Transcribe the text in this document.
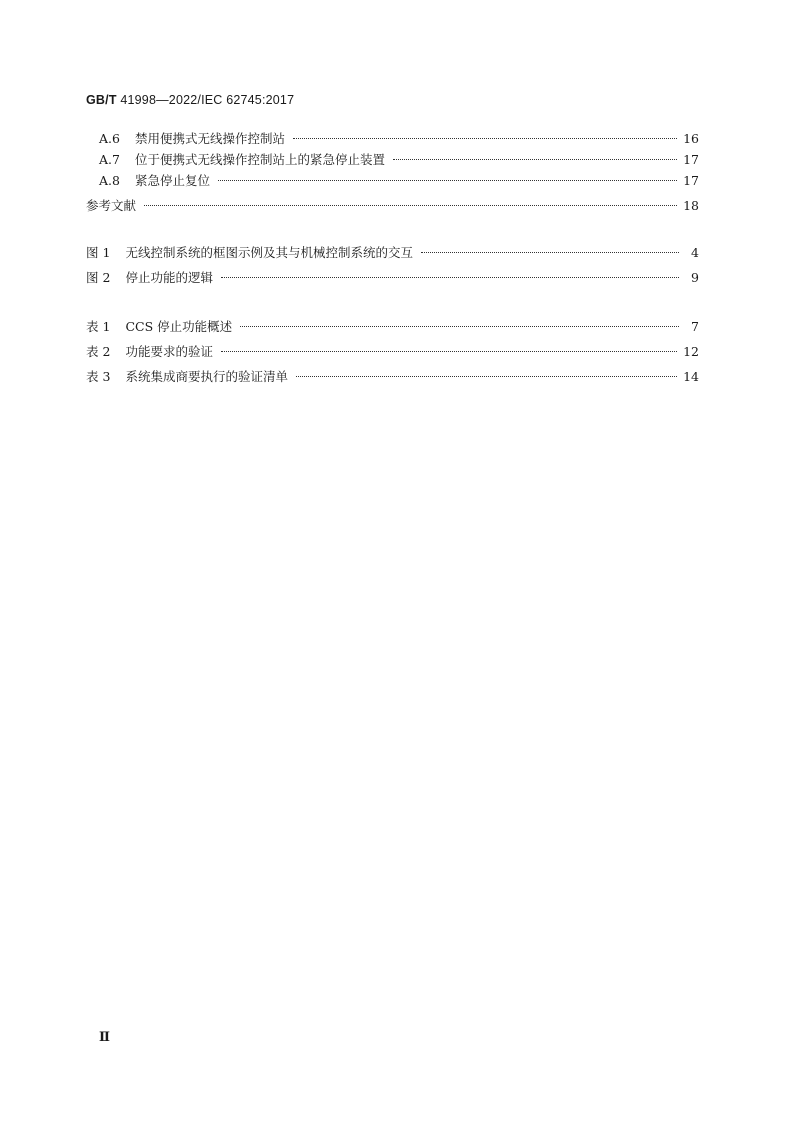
GB/T 41998—2022/IEC 62745:2017
A.6 禁用便携式无线操作控制站	16
A.7 位于便携式无线操作控制站上的紧急停止装置	17
A.8 紧急停止复位	17
参考文献	18
图 1 无线控制系统的框图示例及其与机械控制系统的交互	4
图 2 停止功能的逻辑	9
表 1 CCS 停止功能概述	7
表 2 功能要求的验证	12
表 3 系统集成商要执行的验证清单	14
Ⅱ
